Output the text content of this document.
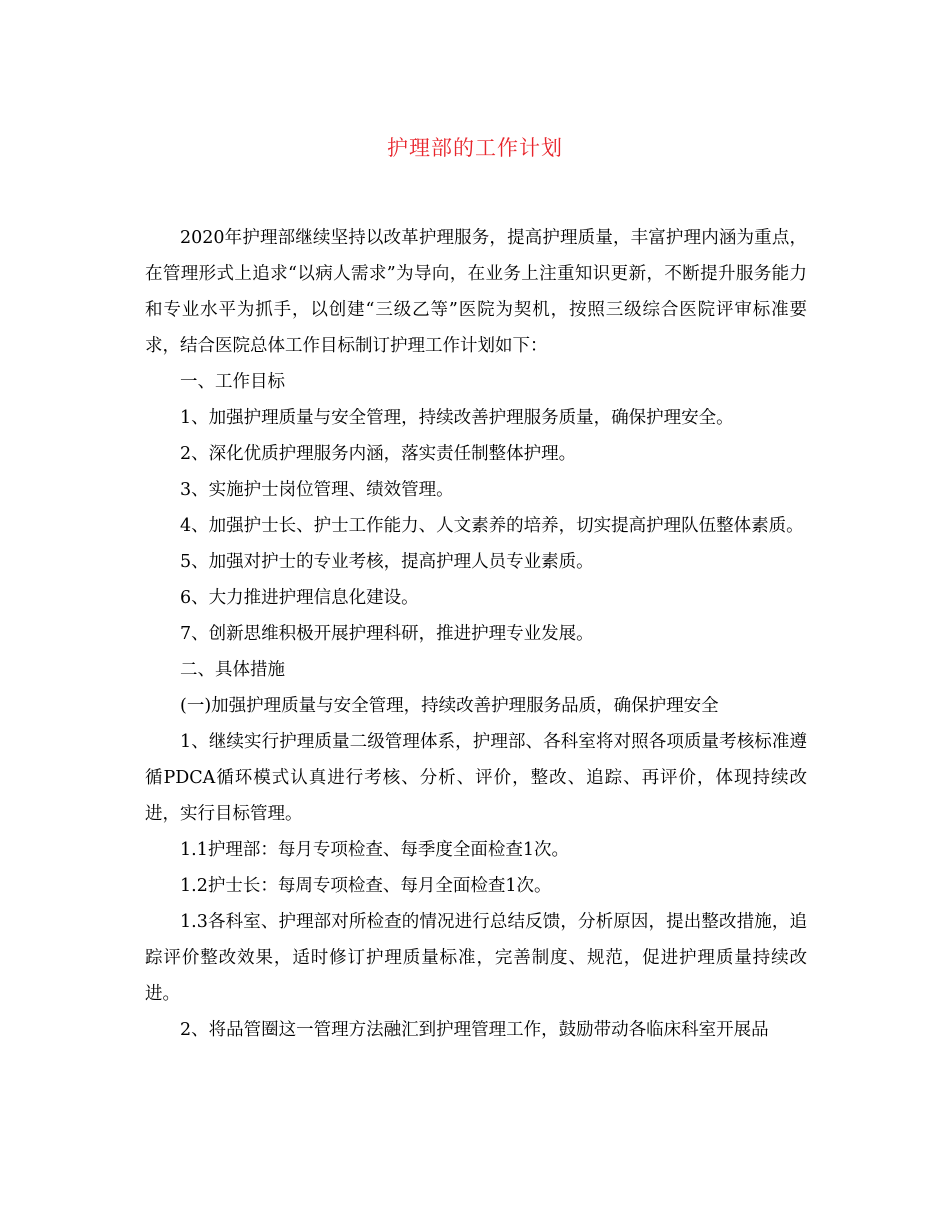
护理部的工作计划

2020年护理部继续坚持以改革护理服务，提高护理质量，丰富护理内涵为重点，在管理形式上追求“以病人需求”为导向，在业务上注重知识更新，不断提升服务能力和专业水平为抓手，以创建“三级乙等”医院为契机，按照三级综合医院评审标准要求，结合医院总体工作目标制订护理工作计划如下：

一、工作目标

1、加强护理质量与安全管理，持续改善护理服务质量，确保护理安全。

2、深化优质护理服务内涵，落实责任制整体护理。

3、实施护士岗位管理、绩效管理。

4、加强护士长、护士工作能力、人文素养的培养，切实提高护理队伍整体素质。

5、加强对护士的专业考核，提高护理人员专业素质。

6、大力推进护理信息化建设。

7、创新思维积极开展护理科研，推进护理专业发展。

二、具体措施

(一)加强护理质量与安全管理，持续改善护理服务品质，确保护理安全

1、继续实行护理质量二级管理体系，护理部、各科室将对照各项质量考核标准遵循PDCA循环模式认真进行考核、分析、评价，整改、追踪、再评价，体现持续改进，实行目标管理。

1.1护理部：每月专项检查、每季度全面检查1次。

1.2护士长：每周专项检查、每月全面检查1次。

1.3各科室、护理部对所检查的情况进行总结反馈，分析原因，提出整改措施，追踪评价整改效果，适时修订护理质量标准，完善制度、规范，促进护理质量持续改进。

2、将品管圈这一管理方法融汇到护理管理工作，鼓励带动各临床科室开展品
